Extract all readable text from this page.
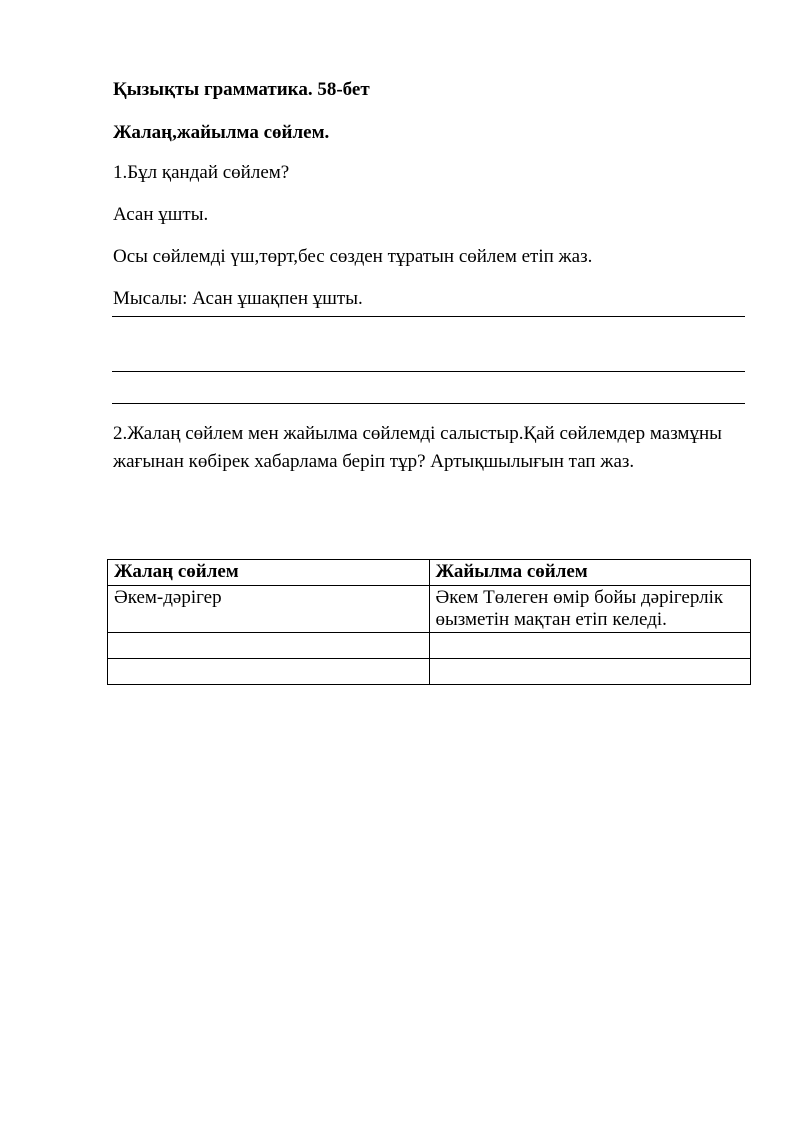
Қызықты грамматика. 58-бет
Жалаң,жайылма сөйлем.
1.Бұл қандай сөйлем?
Асан ұшты.
Осы сөйлемді үш,төрт,бес сөзден тұратын сөйлем етіп жаз.
Мысалы: Асан ұшақпен ұшты.
2.Жалаң сөйлем мен жайылма сөйлемді салыстыр.Қай сөйлемдер мазмұны жағынан көбірек хабарлама беріп тұр? Артықшылығын тап жаз.
Жалаң сөйлем	Жайылма сөйлем
Әкем-дәрігер	Әкем Төлеген өмір бойы дәрігерлік өызметін мақтан етіп келеді.
